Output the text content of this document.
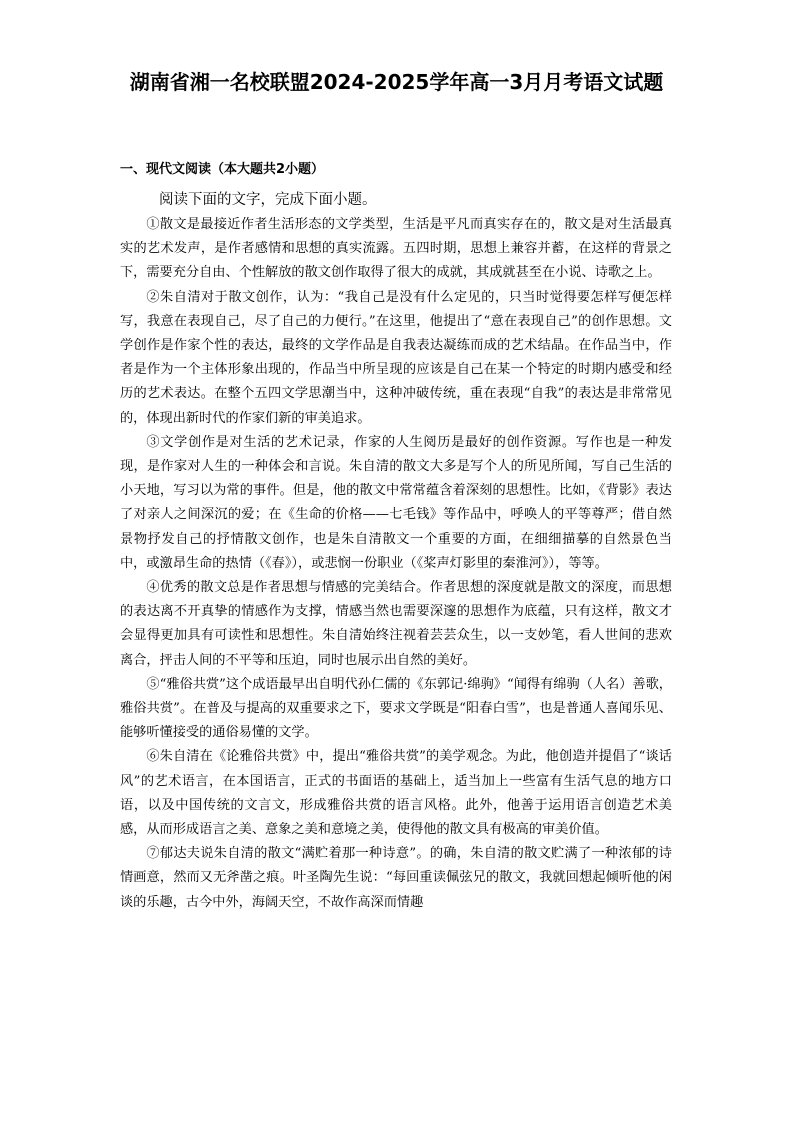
湖南省湘一名校联盟2024-2025学年高一3月月考语文试题
一、现代文阅读（本大题共2小题）
阅读下面的文字，完成下面小题。

①散文是最接近作者生活形态的文学类型，生活是平凡而真实存在的，散文是对生活最真实的艺术发声，是作者感情和思想的真实流露。五四时期，思想上兼容并蓄，在这样的背景之下，需要充分自由、个性解放的散文创作取得了很大的成就，其成就甚至在小说、诗歌之上。

②朱自清对于散文创作，认为：“我自己是没有什么定见的，只当时觉得要怎样写便怎样写，我意在表现自己，尽了自己的力便行。”在这里，他提出了“意在表现自己”的创作思想。文学创作是作家个性的表达，最终的文学作品是自我表达凝练而成的艺术结晶。在作品当中，作者是作为一个主体形象出现的，作品当中所呈现的应该是自己在某一个特定的时期内感受和经历的艺术表达。在整个五四文学思潮当中，这种冲破传统，重在表现“自我”的表达是非常常见的，体现出新时代的作家们新的审美追求。

③文学创作是对生活的艺术记录，作家的人生阅历是最好的创作资源。写作也是一种发现，是作家对人生的一种体会和言说。朱自清的散文大多是写个人的所见所闻，写自己生活的小天地，写习以为常的事件。但是，他的散文中常常蕴含着深刻的思想性。比如，《背影》表达了对亲人之间深沉的爱；在《生命的价格——七毛钱》等作品中，呼唤人的平等尊严；借自然景物抒发自己的抒情散文创作，也是朱自清散文一个重要的方面，在细细描摹的自然景色当中，或激昂生命的热情（《春》），或悲悯一份职业（《桨声灯影里的秦淮河》），等等。

④优秀的散文总是作者思想与情感的完美结合。作者思想的深度就是散文的深度，而思想的表达离不开真挚的情感作为支撑，情感当然也需要深邃的思想作为底蕴，只有这样，散文才会显得更加具有可读性和思想性。朱自清始终注视着芸芸众生，以一支妙笔，看人世间的悲欢离合，抨击人间的不平等和压迫，同时也展示出自然的美好。

⑤“雅俗共赏”这个成语最早出自明代孙仁儒的《东郭记·绵驹》“闻得有绵驹（人名）善歌，雅俗共赏”。在普及与提高的双重要求之下，要求文学既是“阳春白雪”，也是普通人喜闻乐见、能够听懂接受的通俗易懂的文学。

⑥朱自清在《论雅俗共赏》中，提出“雅俗共赏”的美学观念。为此，他创造并提倡了“谈话风”的艺术语言，在本国语言，正式的书面语的基础上，适当加上一些富有生活气息的地方口语，以及中国传统的文言文，形成雅俗共赏的语言风格。此外，他善于运用语言创造艺术美感，从而形成语言之美、意象之美和意境之美，使得他的散文具有极高的审美价值。

⑦郁达夫说朱自清的散文“满贮着那一种诗意”。的确，朱自清的散文贮满了一种浓郁的诗情画意，然而又无斧凿之痕。叶圣陶先生说：“每回重读佩弦兄的散文，我就回想起倾听他的闲谈的乐趣，古今中外，海阔天空，不故作高深而情趣
